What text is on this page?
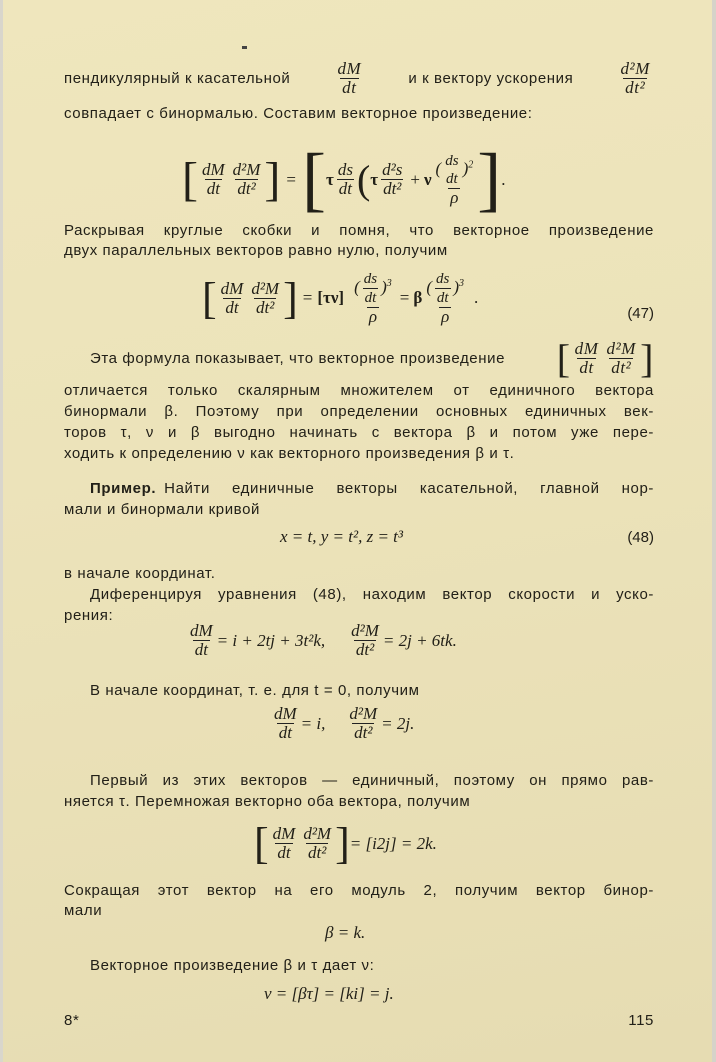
пендикулярный к касательной	$\frac{dM}{dt}$	и к вектору ускорения	$\frac{\text{d²M}}{\text{dt²}}$
совпадает с бинормалью. Составим векторное произведение:
[ $\frac{dM}{dt} \frac{\text{d²M}}{\text{dt²}}$ ] = [ τ $\frac{ds}{dt}$ ( τ $\frac{\text{d²s}}{\text{dt²}} + \nu$ ( ds
dt
)$^2$
ρ ] .
Раскрывая круглые скобки и помня, что векторное произведение
двух параллельных векторов равно нулю, получим
[ $\frac{dM}{dt} \frac{\text{d²M}}{\text{dt²}}$ ] = $[\tau\nu] \frac{( \frac{ds}{dt} )^3}{\rho} = \beta \frac{( \frac{ds}{dt} )^3}{\rho}$ .
(47)
Эта формула показывает, что векторное произведение [ $\frac{dM}{dt} \frac{\text{d²M}}{\text{dt²}}$ ]
отличается только скалярным множителем от единичного вектора
бинормали β. Поэтому при определении основных единичных век-
торов τ, ν и β выгодно начинать с вектора β и потом уже пере-
ходить к определению ν как векторного произведения β и τ.
Пример. Найти единичные векторы касательной, главной нор-
мали и бинормали кривой
x = t, y = t², z = t³	(48)
в начале координат.
Диференцируя уравнения (48), находим вектор скорости и уско-
рения:
$\frac{dM}{dt} = i + 2tj + 3t^2k$, $\frac{\text{d²M}}{\text{dt²}} = 2j + 6tk$.
В начале координат, т. е. для t = 0, получим
$\frac{dM}{dt} = i$, $\frac{\text{d²M}}{\text{dt²}} = 2j$.
Первый из этих векторов — единичный, поэтому он прямо рав-
няется τ. Перемножая векторно оба вектора, получим
[ $\frac{dM}{dt} \frac{\text{d²M}}{\text{dt²}}$ ] = [i2j] = 2k.
Сокращая этот вектор на его модуль 2, получим вектор бинор-
мали
β = k.
Векторное произведение β и τ дает ν:
ν = [βτ] = [ki] = j.
8*	115
